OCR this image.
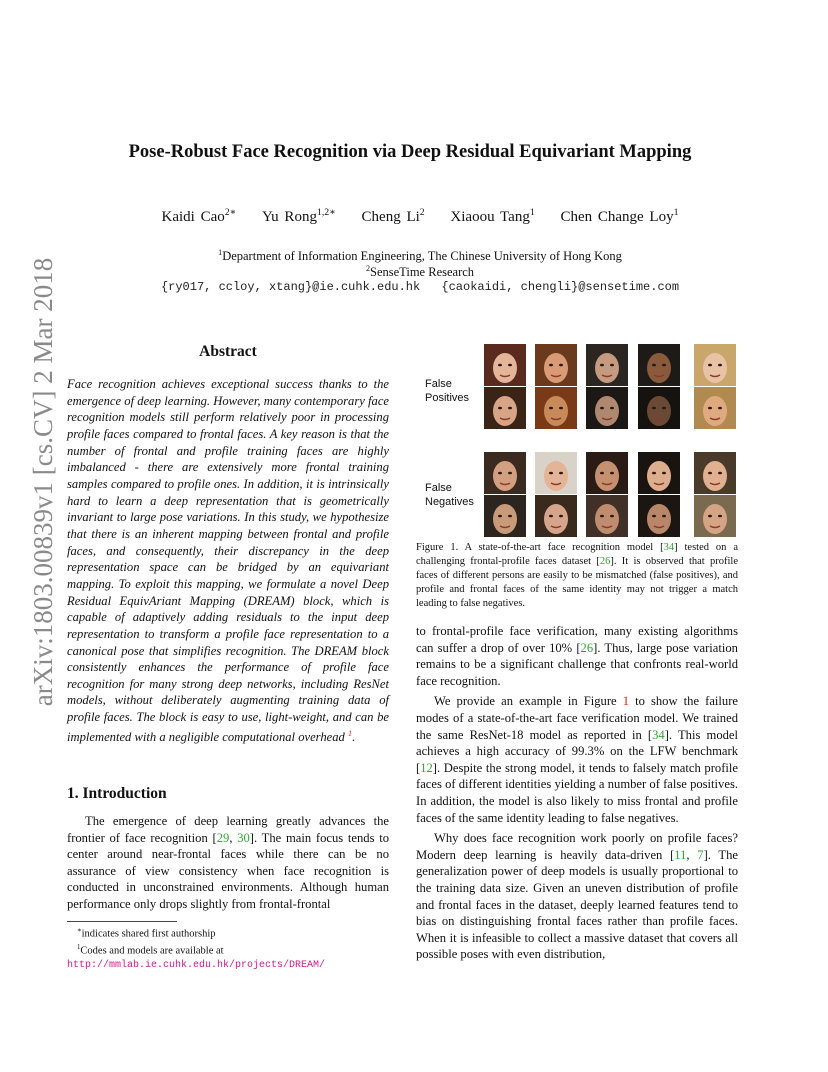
arXiv:1803.00839v1 [cs.CV] 2 Mar 2018
Pose-Robust Face Recognition via Deep Residual Equivariant Mapping
Kaidi Cao$^{2∗}$ Yu Rong$^{1,2∗}$ Cheng Li$^2$ Xiaoou Tang$^1$ Chen Change Loy$^1$
$^1$Department of Information Engineering, The Chinese University of Hong Kong
$^2$SenseTime Research
{ry017, ccloy, xtang}@ie.cuhk.edu.hk {caokaidi, chengli}@sensetime.com
Abstract
Face recognition achieves exceptional success thanks to the emergence of deep learning. However, many contemporary face recognition models still perform relatively poor in processing profile faces compared to frontal faces. A key reason is that the number of frontal and profile training faces are highly imbalanced - there are extensively more frontal training samples compared to profile ones. In addition, it is intrinsically hard to learn a deep representation that is geometrically invariant to large pose variations. In this study, we hypothesize that there is an inherent mapping between frontal and profile faces, and consequently, their discrepancy in the deep representation space can be bridged by an equivariant mapping. To exploit this mapping, we formulate a novel Deep Residual EquivAriant Mapping (DREAM) block, which is capable of adaptively adding residuals to the input deep representation to transform a profile face representation to a canonical pose that simplifies recognition. The DREAM block consistently enhances the performance of profile face recognition for many strong deep networks, including ResNet models, without deliberately augmenting training data of profile faces. The block is easy to use, light-weight, and can be implemented with a negligible computational overhead $^1$.
1. Introduction
The emergence of deep learning greatly advances the frontier of face recognition [29, 30]. The main focus tends to center around near-frontal faces while there can be no assurance of view consistency when face recognition is conducted in unconstrained environments. Although human performance only drops slightly from frontal-frontal

∗indicates shared first authorship

$^1$Codes and models are available at http://mmlab.ie.cuhk.edu.hk/projects/DREAM/

False
Positives
False
Negatives
Figure 1. A state-of-the-art face recognition model [34] tested on a challenging frontal-profile faces dataset [26]. It is observed that profile faces of different persons are easily to be mismatched (false positives), and profile and frontal faces of the same identity may not trigger a match leading to false negatives.

to frontal-profile face verification, many existing algorithms can suffer a drop of over 10% [26]. Thus, large pose variation remains to be a significant challenge that confronts real-world face recognition.

We provide an example in Figure 1 to show the failure modes of a state-of-the-art face verification model. We trained the same ResNet-18 model as reported in [34]. This model achieves a high accuracy of 99.3% on the LFW benchmark [12]. Despite the strong model, it tends to falsely match profile faces of different identities yielding a number of false positives. In addition, the model is also likely to miss frontal and profile faces of the same identity leading to false negatives.

Why does face recognition work poorly on profile faces? Modern deep learning is heavily data-driven [11, 7]. The generalization power of deep models is usually proportional to the training data size. Given an uneven distribution of profile and frontal faces in the dataset, deeply learned features tend to bias on distinguishing frontal faces rather than profile faces. When it is infeasible to collect a massive dataset that covers all possible poses with even distribution,
